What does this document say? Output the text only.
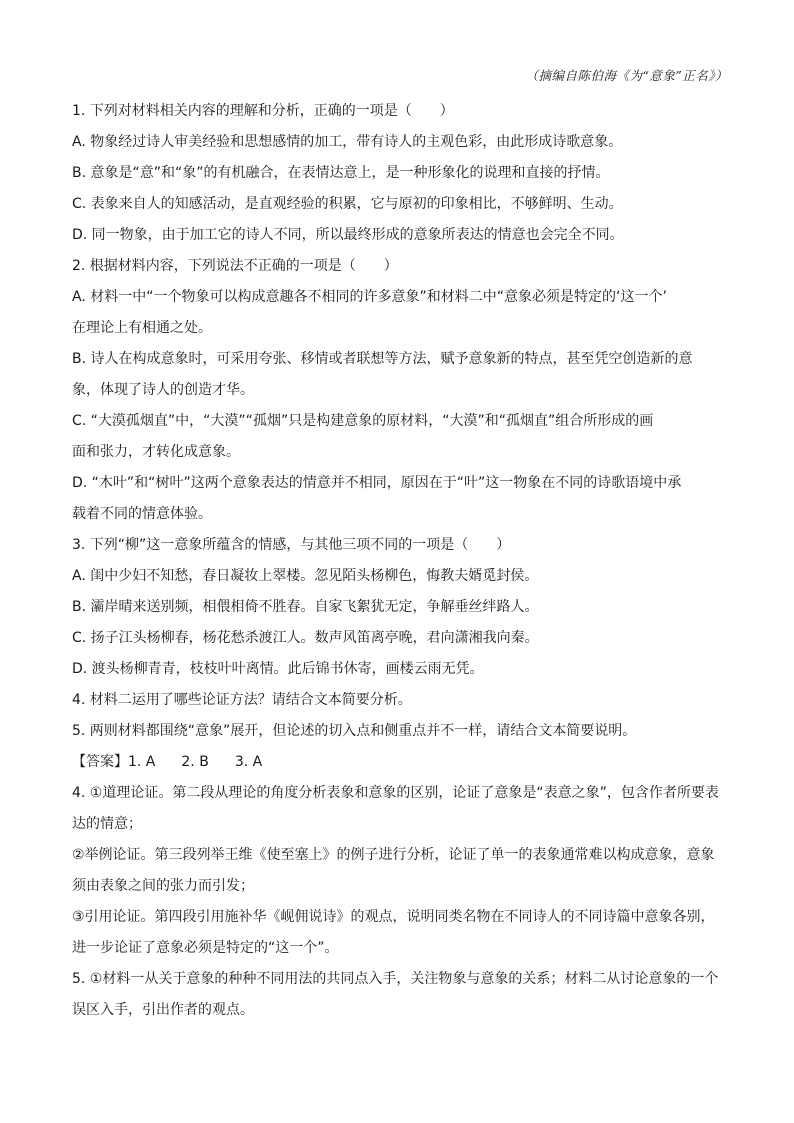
（摘编自陈伯海《为“意象”正名》）
1. 下列对材料相关内容的理解和分析，正确的一项是（　　）
A. 物象经过诗人审美经验和思想感情的加工，带有诗人的主观色彩，由此形成诗歌意象。
B. 意象是“意”和“象”的有机融合，在表情达意上，是一种形象化的说理和直接的抒情。
C. 表象来自人的知感活动，是直观经验的积累，它与原初的印象相比，不够鲜明、生动。
D. 同一物象，由于加工它的诗人不同，所以最终形成的意象所表达的情意也会完全不同。
2. 根据材料内容，下列说法不正确的一项是（　　）
A. 材料一中“一个物象可以构成意趣各不相同的许多意象”和材料二中“意象必须是特定的‘这一个’
在理论上有相通之处。
B. 诗人在构成意象时，可采用夸张、移情或者联想等方法，赋予意象新的特点，甚至凭空创造新的意
象，体现了诗人的创造才华。
C. “大漠孤烟直”中，“大漠”“孤烟”只是构建意象的原材料，“大漠”和“孤烟直”组合所形成的画
面和张力，才转化成意象。
D. “木叶”和“树叶”这两个意象表达的情意并不相同，原因在于“叶”这一物象在不同的诗歌语境中承
载着不同的情意体验。
3. 下列“柳”这一意象所蕴含的情感，与其他三项不同的一项是（　　）
A. 闺中少妇不知愁，春日凝妆上翠楼。忽见陌头杨柳色，悔教夫婿觅封侯。
B. 灞岸晴来送别频，相偎相倚不胜春。自家飞絮犹无定，争解垂丝绊路人。
C. 扬子江头杨柳春，杨花愁杀渡江人。数声风笛离亭晚，君向潇湘我向秦。
D. 渡头杨柳青青，枝枝叶叶离情。此后锦书休寄，画楼云雨无凭。
4. 材料二运用了哪些论证方法？请结合文本简要分析。
5. 两则材料都围绕“意象”展开，但论述的切入点和侧重点并不一样，请结合文本简要说明。
【答案】1. A 2. B 3. A
4. ①道理论证。第二段从理论的角度分析表象和意象的区别，论证了意象是“表意之象”，包含作者所要表
达的情意；
②举例论证。第三段列举王维《使至塞上》的例子进行分析，论证了单一的表象通常难以构成意象，意象
须由表象之间的张力而引发；
③引用论证。第四段引用施补华《岘佣说诗》的观点，说明同类名物在不同诗人的不同诗篇中意象各别，
进一步论证了意象必须是特定的“这一个”。
5. ①材料一从关于意象的种种不同用法的共同点入手，关注物象与意象的关系；材料二从讨论意象的一个
误区入手，引出作者的观点。
